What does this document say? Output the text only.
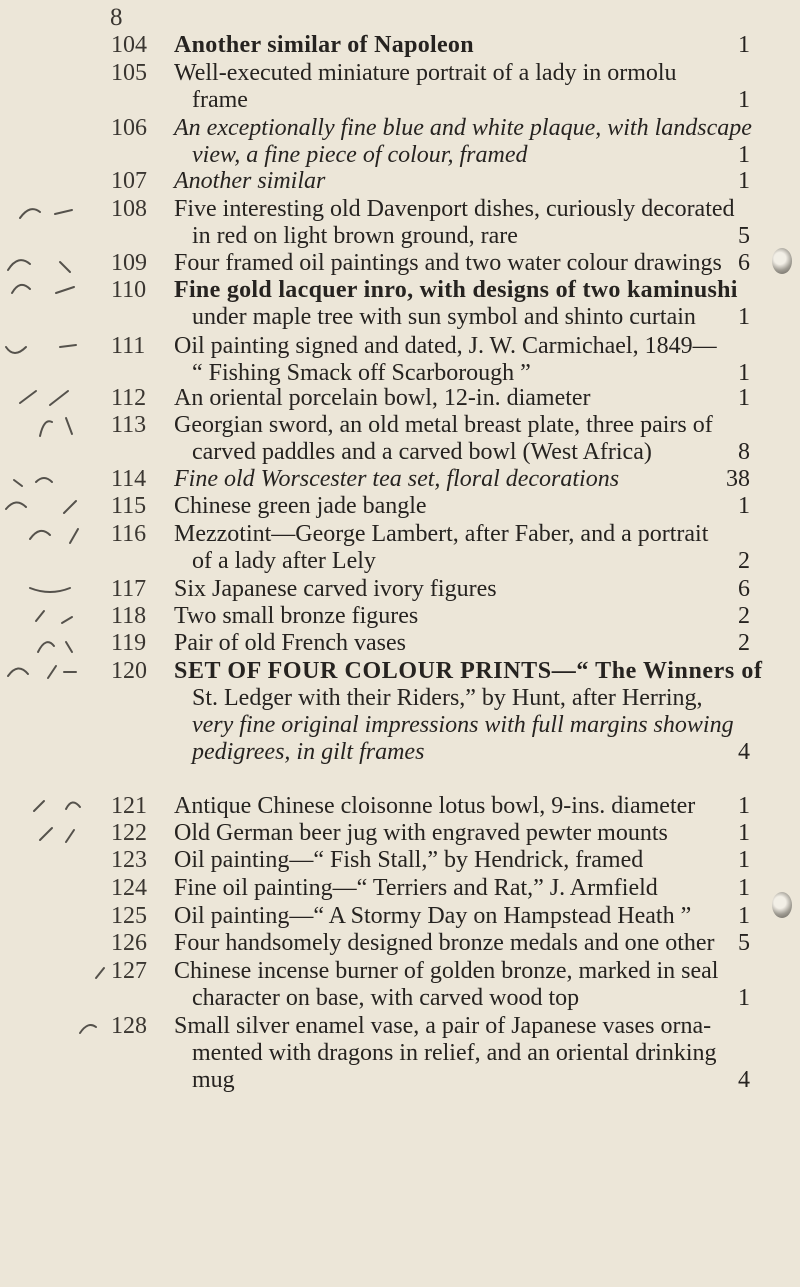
8
104	Another similar of Napoleon	1
105	Well-executed miniature portrait of a lady in ormolu
frame	1
106	An exceptionally fine blue and white plaque, with landscape
view, a fine piece of colour, framed	1
107	Another similar	1
108	Five interesting old Davenport dishes, curiously decorated
in red on light brown ground, rare	5
109	Four framed oil paintings and two water colour drawings 6
110	Fine gold lacquer inro, with designs of two kaminushi
under maple tree with sun symbol and shinto curtain	1
111	Oil painting signed and dated, J. W. Carmichael, 1849—
“ Fishing Smack off Scarborough ”	1
112	An oriental porcelain bowl, 12-in. diameter	1
113	Georgian sword, an old metal breast plate, three pairs of
carved paddles and a carved bowl (West Africa)	8
114	Fine old Worscester tea set, floral decorations	38
115	Chinese green jade bangle	1
116	Mezzotint—George Lambert, after Faber, and a portrait
of a lady after Lely	2
117	Six Japanese carved ivory figures	6
118	Two small bronze figures	2
119	Pair of old French vases	2
120	SET OF FOUR COLOUR PRINTS—“ The Winners of
St. Ledger with their Riders,” by Hunt, after Herring,
very fine original impressions with full margins showing
pedigrees, in gilt frames	4
121	Antique Chinese cloisonne lotus bowl, 9-ins. diameter	1
122	Old German beer jug with engraved pewter mounts	1
123	Oil painting—“ Fish Stall,” by Hendrick, framed	1
124	Fine oil painting—“ Terriers and Rat,” J. Armfield	1
125	Oil painting—“ A Stormy Day on Hampstead Heath ”	1
126	Four handsomely designed bronze medals and one other 5
127	Chinese incense burner of golden bronze, marked in seal
character on base, with carved wood top	1
128	Small silver enamel vase, a pair of Japanese vases orna-
mented with dragons in relief, and an oriental drinking
mug	4
